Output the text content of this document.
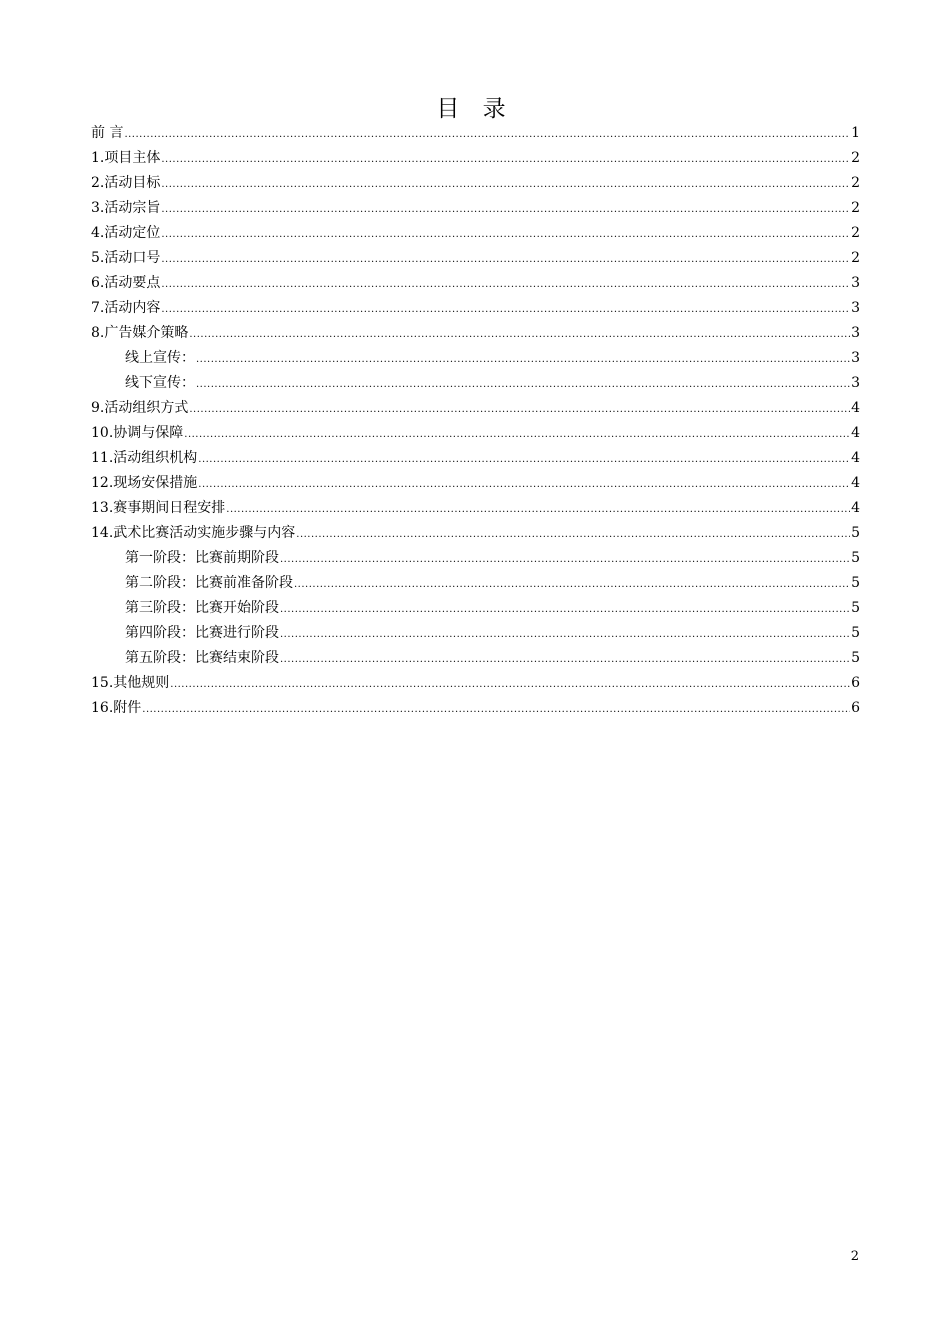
目 录
前 言 .....	1
1.项目主体 .....	2
2.活动目标 .....	2
3.活动宗旨 .....	2
4.活动定位 .....	2
5.活动口号 .....	2
6.活动要点 .....	3
7.活动内容 .....	3
8.广告媒介策略 .....	3
线上宣传： .....	3
线下宣传： .....	3
9.活动组织方式 .....	4
10.协调与保障 .....	4
11.活动组织机构 .....	4
12.现场安保措施 .....	4
13.赛事期间日程安排 .....	4
14.武术比赛活动实施步骤与内容 .....	5
第一阶段：比赛前期阶段 .....	5
第二阶段：比赛前准备阶段 .....	5
第三阶段：比赛开始阶段 .....	5
第四阶段：比赛进行阶段 .....	5
第五阶段：比赛结束阶段 .....	5
15.其他规则 .....	6
16.附件 .....	6
2
